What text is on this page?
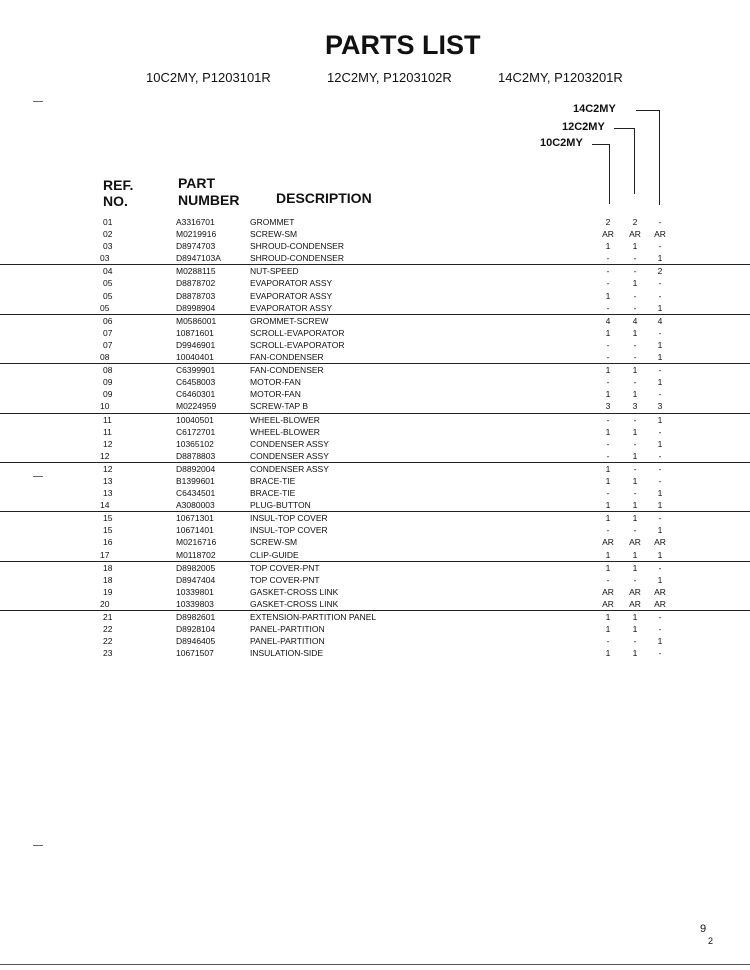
PARTS LIST
10C2MY, P1203101R	12C2MY, P1203102R	14C2MY, P1203201R
14C2MY
12C2MY
10C2MY
REF.
NO.
PART
NUMBER	DESCRIPTION
01	A3316701	GROMMET	2	2	-
02	M0219916	SCREW-SM	AR	AR	AR
03	D8974703	SHROUD-CONDENSER	1	1	-
03	D8947103A	SHROUD-CONDENSER	-	-	1
04	M0288115	NUT-SPEED	-	-	2
05	D8878702	EVAPORATOR ASSY	-	1	-
05	D8878703	EVAPORATOR ASSY	1	-	-
05	D8998904	EVAPORATOR ASSY	-	-	1
06	M0586001	GROMMET-SCREW	4	4	4
07	10871601	SCROLL-EVAPORATOR	1	1	-
07	D9946901	SCROLL-EVAPORATOR	-	-	1
08	10040401	FAN-CONDENSER	-	-	1
08	C6399901	FAN-CONDENSER	1	1	-
09	C6458003	MOTOR-FAN	-	-	1
09	C6460301	MOTOR-FAN	1	1	-
10	M0224959	SCREW-TAP B	3	3	3
11	10040501	WHEEL-BLOWER	-	-	1
11	C6172701	WHEEL-BLOWER	1	1	-
12	10365102	CONDENSER ASSY	-	-	1
12	D8878803	CONDENSER ASSY	-	1	-
12	D8892004	CONDENSER ASSY	1	-	-
13	B1399601	BRACE-TIE	1	1	-
13	C6434501	BRACE-TIE	-	-	1
14	A3080003	PLUG-BUTTON	1	1	1
15	10671301	INSUL-TOP COVER	1	1	-
15	10671401	INSUL-TOP COVER	-	-	1
16	M0216716	SCREW-SM	AR	AR	AR
17	M0118702	CLIP-GUIDE	1	1	1
18	D8982005	TOP COVER-PNT	1	1	-
18	D8947404	TOP COVER-PNT	-	-	1
19	10339801	GASKET-CROSS LINK	AR	AR	AR
20	10339803	GASKET-CROSS LINK	AR	AR	AR
21	D8982601	EXTENSION-PARTITION PANEL	1	1	-
22	D8928104	PANEL-PARTITION	1	1	-
22	D8946405	PANEL-PARTITION	-	-	1
23	10671507	INSULATION-SIDE	1	1	-
9 2 
